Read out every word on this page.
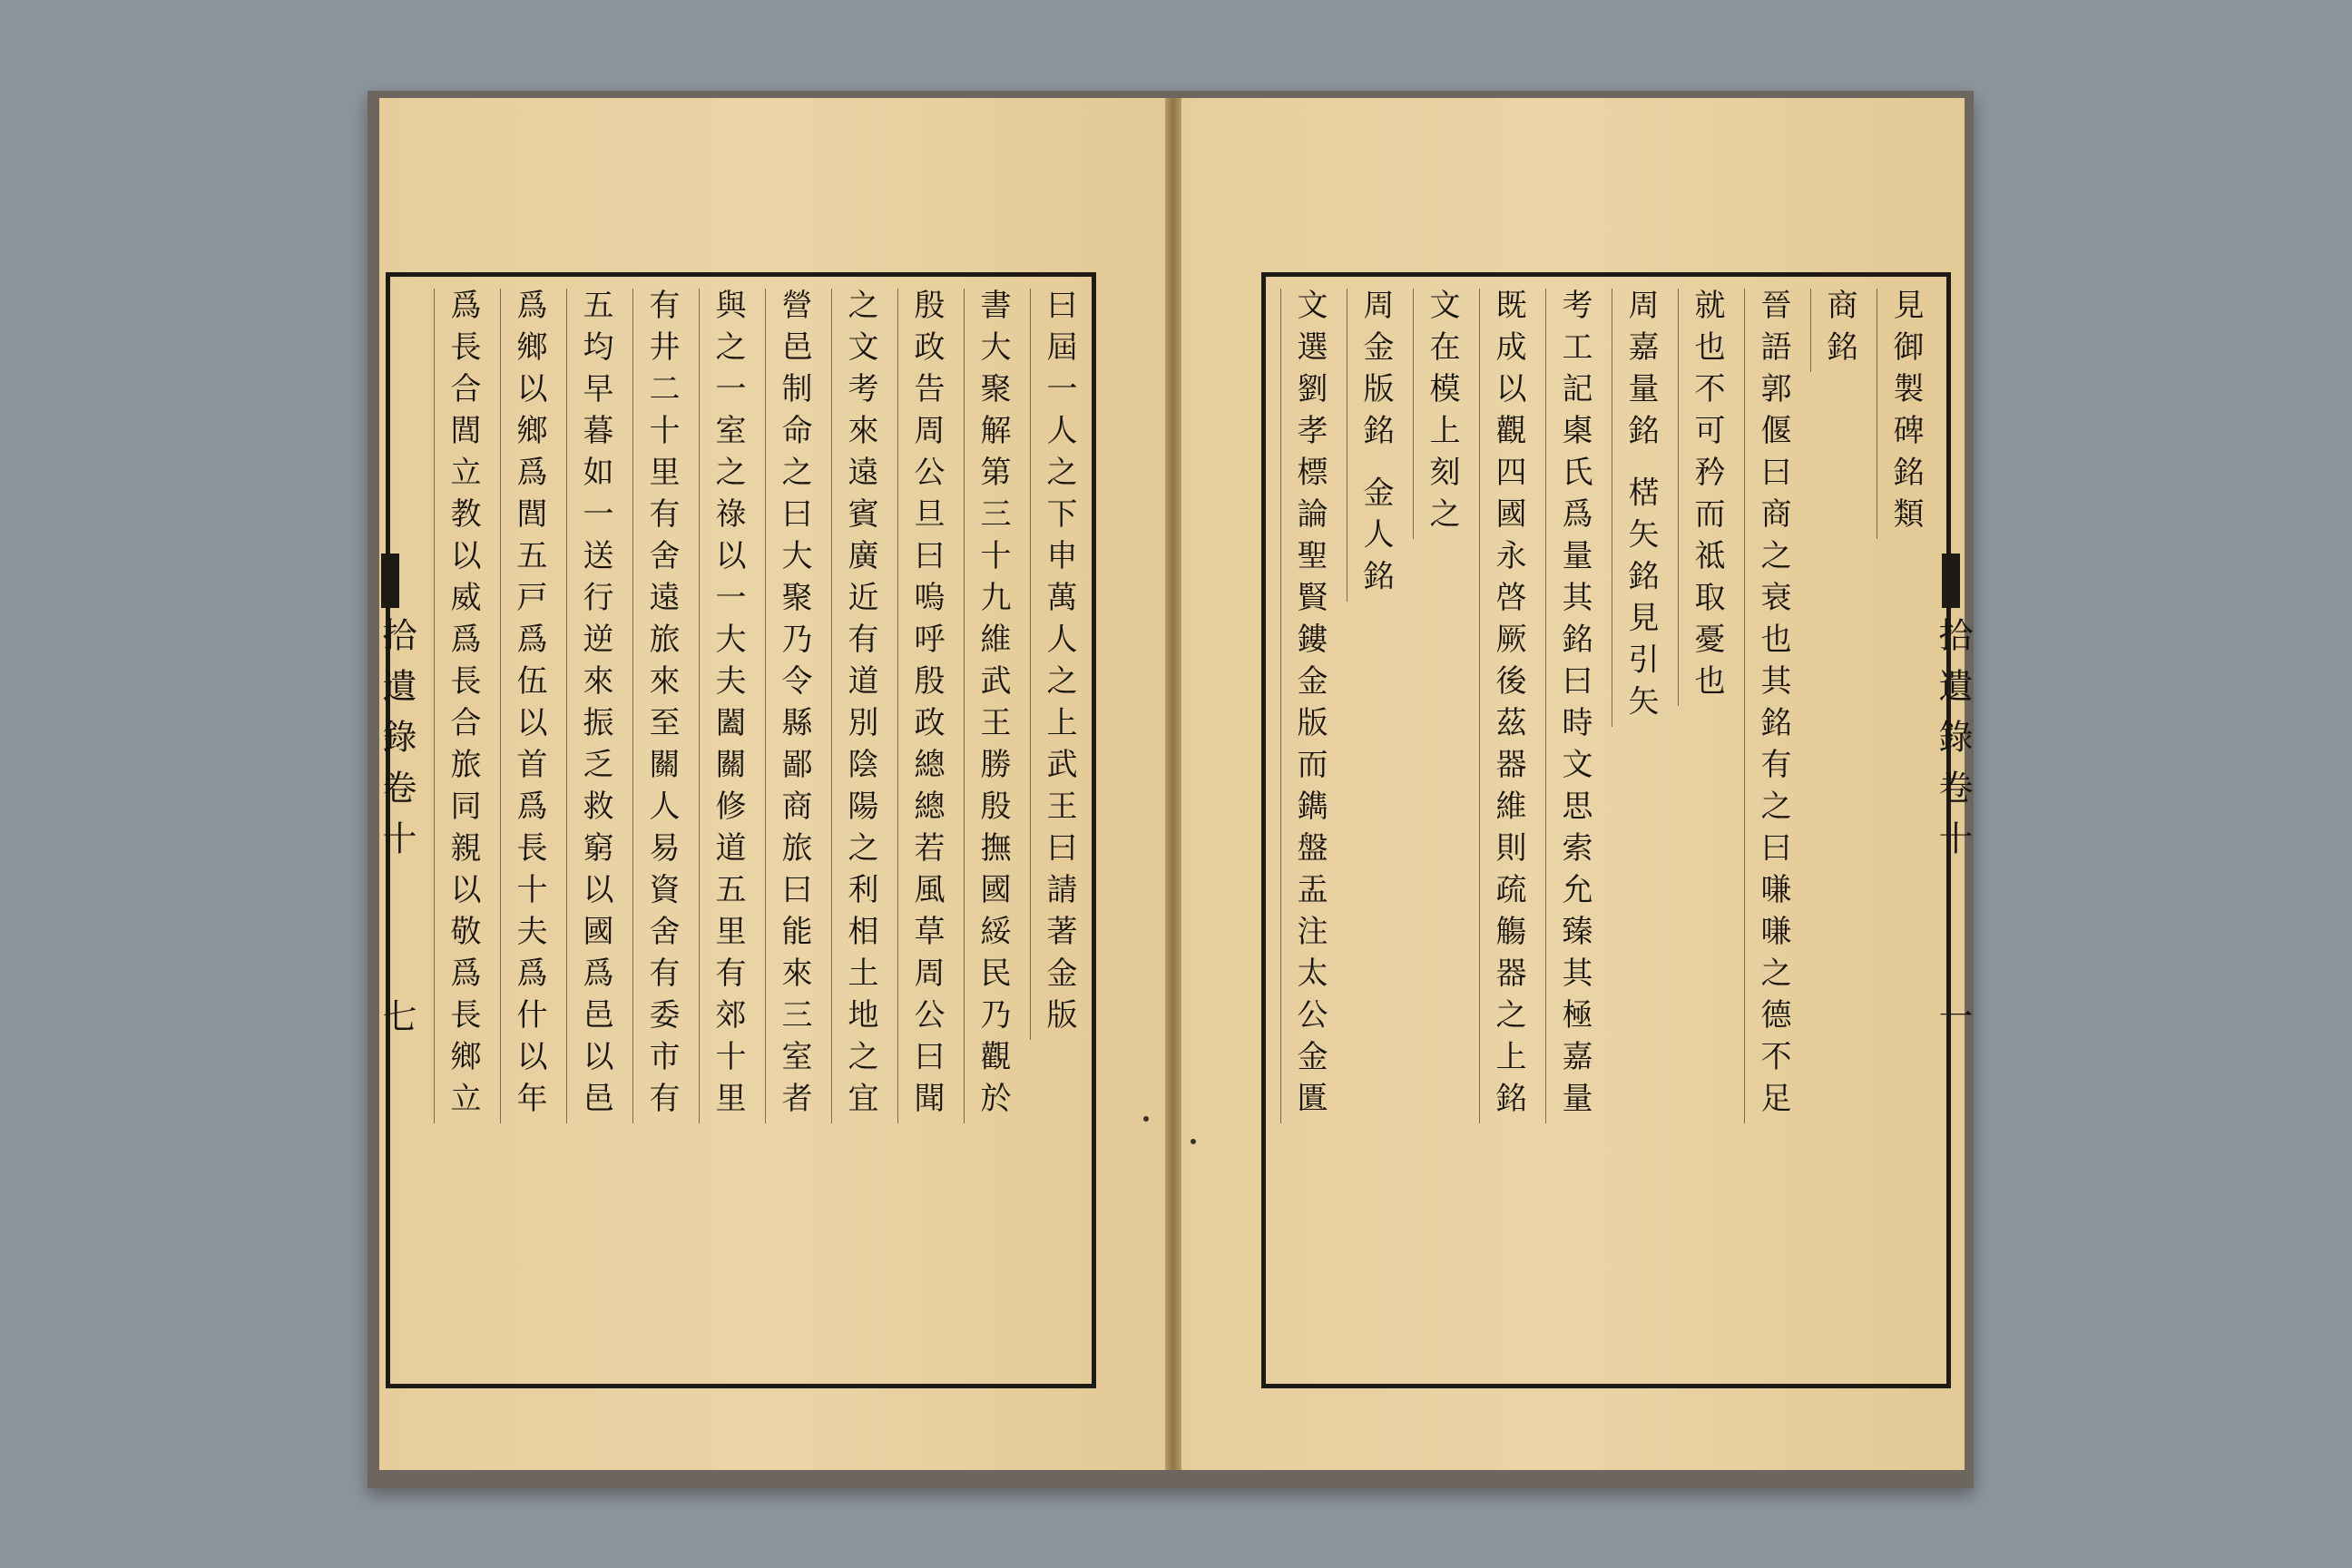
曰屆一人之下申萬人之上武王曰請著金版
書大聚解第三十九維武王勝殷撫國綏民乃觀於
殷政告周公旦曰嗚呼殷政總總若風草周公曰聞
之文考來遠賓廣近有道別陰陽之利相土地之宜
營邑制命之曰大聚乃令縣鄙商旅曰能來三室者
與之一室之祿以一大夫闔關修道五里有郊十里
有井二十里有舍遠旅來至關人易資舍有委市有
五均早暮如一送行逆來振乏救窮以國爲邑以邑
爲鄉以鄉爲閭五戸爲伍以首爲長十夫爲什以年
爲長合閭立教以威爲長合旅同親以敬爲長鄉立
拾遺錄卷十
七
見御製碑銘類
商銘
晉語郭偃曰商之衰也其銘有之曰嗛嗛之德不足
就也不可矜而祗取憂也
周嘉量銘 楛矢銘見引矢
考工記㮚氏爲量其銘曰時文思索允臻其極嘉量
既成以觀四國永啓厥後茲器維則疏觴器之上銘
文在模上刻之
周金版銘 金人銘
文選劉孝標論聖賢鏤金版而鐫盤盂注太公金匱	拾遺錄卷十
一
